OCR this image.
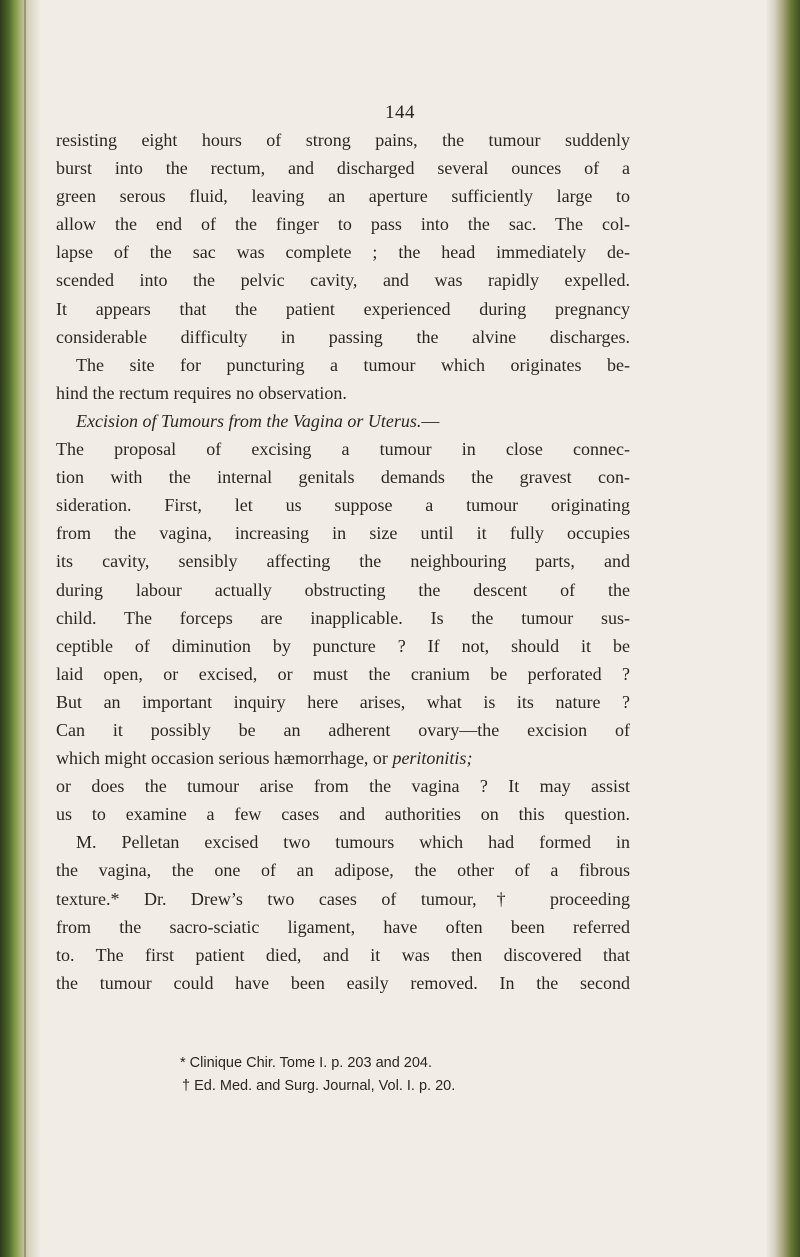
144
resisting eight hours of strong pains, the tumour suddenly
burst into the rectum, and discharged several ounces of a
green serous fluid, leaving an aperture sufficiently large to
allow the end of the finger to pass into the sac. The col-
lapse of the sac was complete ; the head immediately de-
scended into the pelvic cavity, and was rapidly expelled.
It appears that the patient experienced during pregnancy
considerable difficulty in passing the alvine discharges.
The site for puncturing a tumour which originates be-
hind the rectum requires no observation.
Excision of Tumours from the Vagina or Uterus.—
The proposal of excising a tumour in close connec-
tion with the internal genitals demands the gravest con-
sideration. First, let us suppose a tumour originating
from the vagina, increasing in size until it fully occupies
its cavity, sensibly affecting the neighbouring parts, and
during labour actually obstructing the descent of the
child. The forceps are inapplicable. Is the tumour sus-
ceptible of diminution by puncture ? If not, should it be
laid open, or excised, or must the cranium be perforated ?
But an important inquiry here arises, what is its nature ?
Can it possibly be an adherent ovary—the excision of
which might occasion serious hæmorrhage, or peritonitis;
or does the tumour arise from the vagina ? It may assist
us to examine a few cases and authorities on this question.
M. Pelletan excised two tumours which had formed in
the vagina, the one of an adipose, the other of a fibrous
texture.* Dr. Drew’s two cases of tumour,† proceeding
from the sacro-sciatic ligament, have often been referred
to. The first patient died, and it was then discovered that
the tumour could have been easily removed. In the second
* Clinique Chir. Tome I. p. 203 and 204.
† Ed. Med. and Surg. Journal, Vol. I. p. 20.
